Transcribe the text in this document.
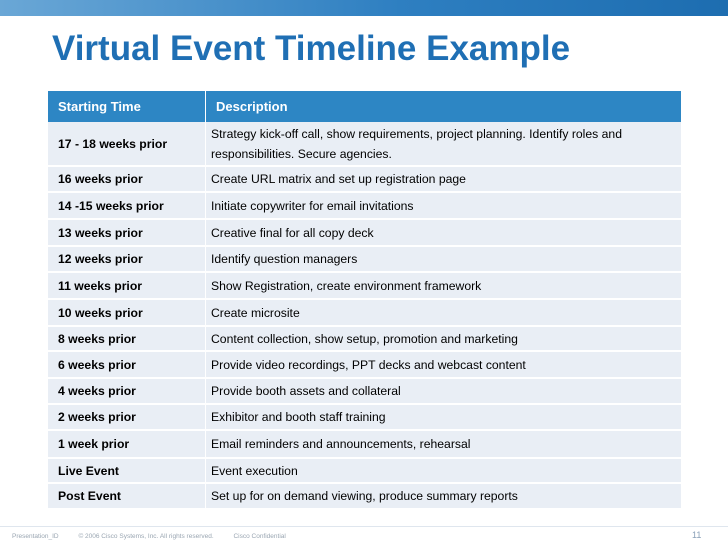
Virtual Event Timeline Example
Starting Time	Description
17 - 18 weeks prior	Strategy kick-off call, show requirements, project planning. Identify roles and responsibilities. Secure agencies.
16 weeks prior	Create URL matrix and set up registration page
14 -15 weeks prior	Initiate copywriter for email invitations
13 weeks prior	Creative final for all copy deck
12 weeks prior	Identify question managers
11 weeks prior	Show Registration, create environment framework
10 weeks prior	Create microsite
8 weeks prior	Content collection, show setup, promotion and marketing
6 weeks prior	Provide video recordings, PPT decks and webcast content
4 weeks prior	Provide booth assets and collateral
2 weeks prior	Exhibitor and booth staff training
1 week prior	Email reminders and announcements, rehearsal
Live Event	Event execution
Post Event	Set up for on demand viewing, produce summary reports
Presentation_ID	© 2006 Cisco Systems, Inc. All rights reserved.	Cisco Confidential	11
